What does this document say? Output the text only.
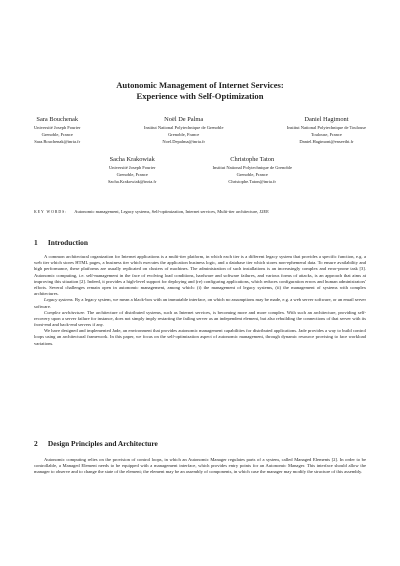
Autonomic Management of Internet Services:
Experience with Self-Optimization
Sara Bouchenak
Université Joseph Fourier
Grenoble, France
Sara.Bouchenak@inria.fr
Noël De Palma
Institut National Polytechnique de Grenoble
Grenoble, France
Noel.Depalma@inria.fr
Daniel Hagimont
Institut National Polytechnique de Toulouse
Toulouse, France
Daniel.Hagimont@enseeiht.fr
Sacha Krakowiak
Université Joseph Fourier
Grenoble, France
Sacha.Krakowiak@inria.fr
Christophe Taton
Institut National Polytechnique de Grenoble
Grenoble, France
Christophe.Taton@inria.fr
KEY WORDS: Autonomic management, Legacy systems, Self-optimization, Internet services, Multi-tier architecture, J2EE
1 Introduction

A common architectural organization for Internet applications is a multi-tier platform, in which each tier is a different legacy system that provides a specific function, e.g. a web tier which stores HTML pages, a business tier which executes the application business logic, and a database tier which stores non-ephemeral data. To ensure availability and high performance, these platforms are usually replicated on clusters of machines. The administration of such installations is an increasingly complex and error-prone task [3]. Autonomic computing, i.e. self-management in the face of evolving load conditions, hardware and software failures, and various forms of attacks, is an approach that aims at improving this situation [2]. Indeed, it provides a high-level support for deploying and (re) configuring applications, which reduces configuration errors and human administrators' efforts. Several challenges remain open in autonomic management, among which: (i) the management of legacy systems, (ii) the management of systems with complex architectures.

Legacy systems. By a legacy system, we mean a black-box with an immutable interface, on which no assumptions may be made, e.g. a web server software, or an email server software.

Complex architecture. The architecture of distributed systems, such as Internet services, is becoming more and more complex. With such an architecture, providing self-recovery upon a server failure for instance, does not simply imply restarting the failing server as an independent element, but also rebuilding the connections of that server with its front-end and back-end servers if any.

We have designed and implemented Jade, an environment that provides autonomic management capabilities for distributed applications. Jade provides a way to build control loops using an architectural framework. In this paper, we focus on the self-optimization aspect of autonomic management, through dynamic resource provising to face workload variations.

2 Design Principles and Architecture

Autonomic computing relies on the provision of control loops, in which an Autonomic Manager regulates parts of a system, called Managed Elements [2]. In order to be controllable, a Managed Element needs to be equipped with a management interface, which provides entry points for an Autonomic Manager. This interface should allow the manager to observe and to change the state of the element; the element may be an assembly of components, in which case the manager may modify the structure of this assembly.
